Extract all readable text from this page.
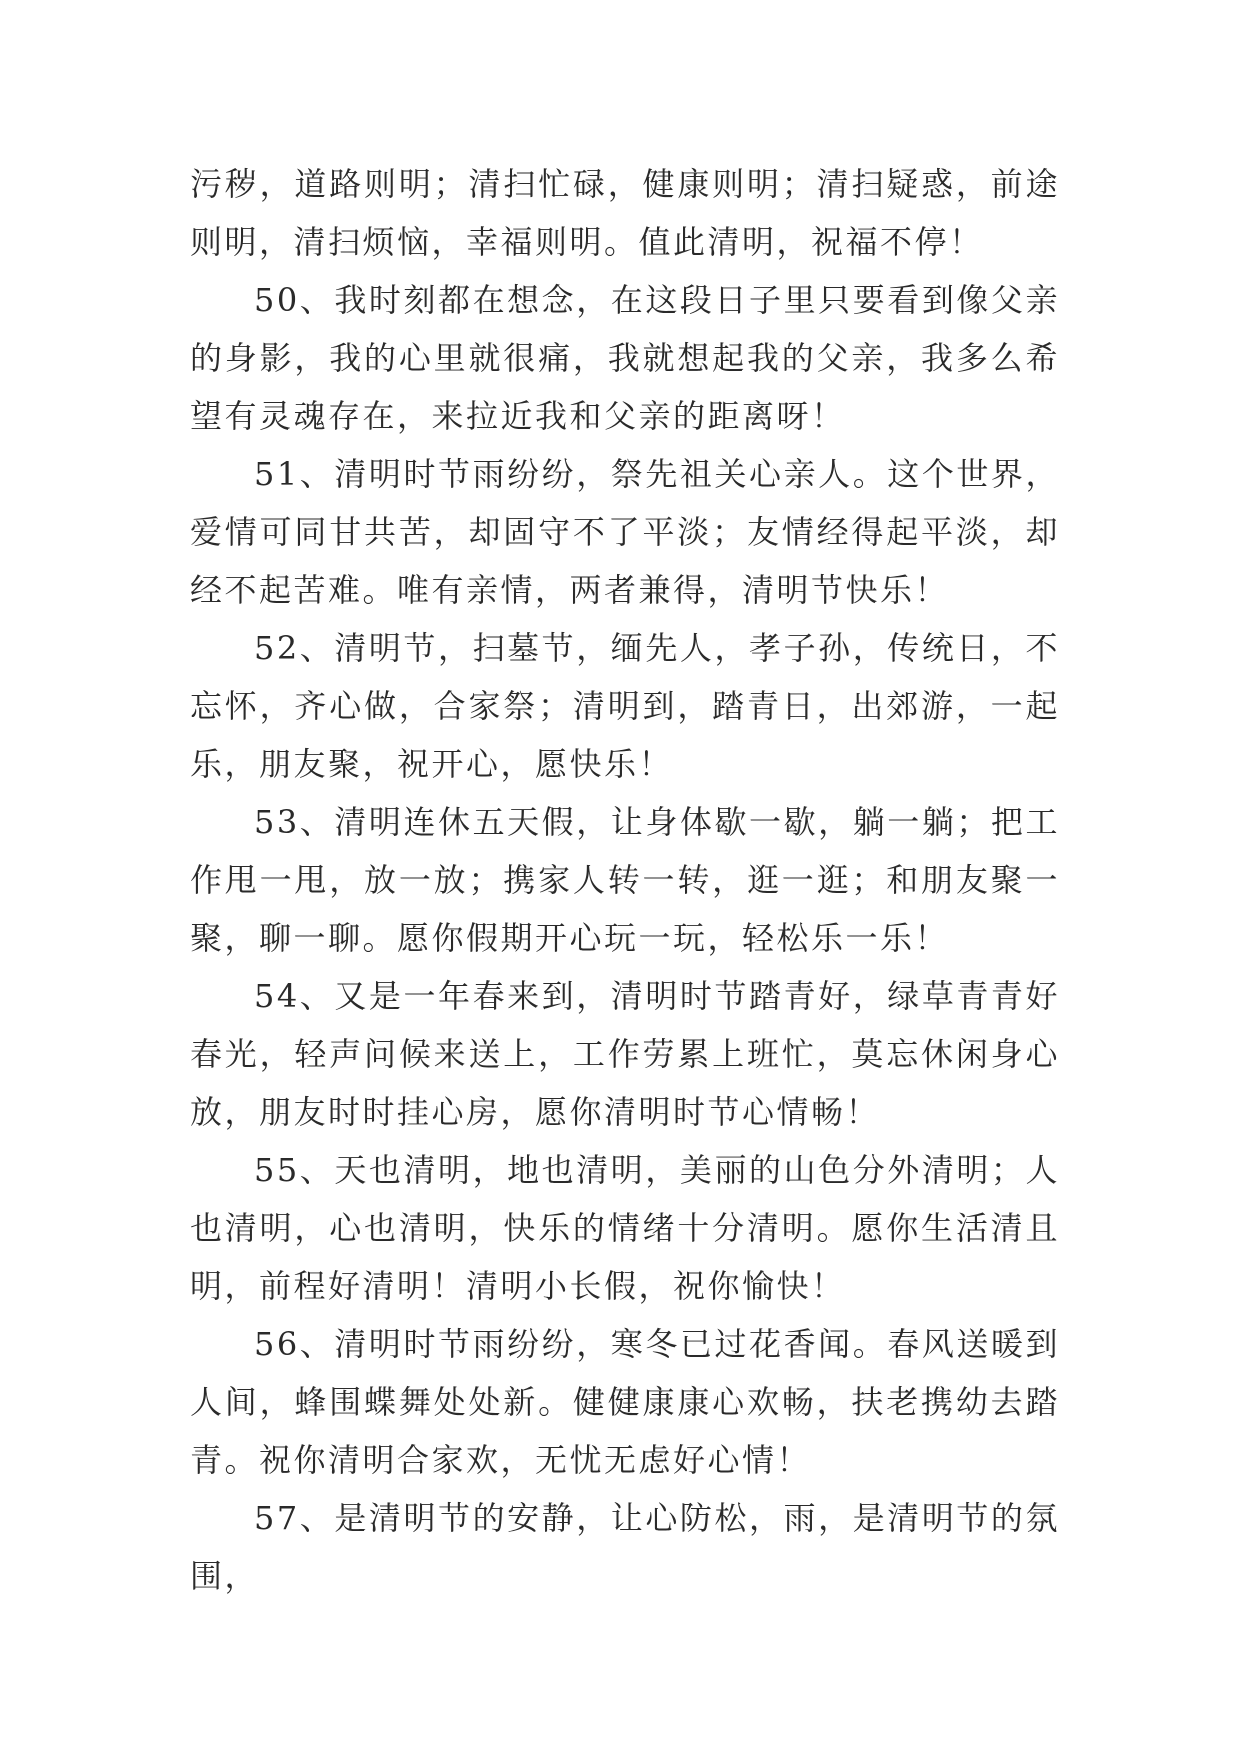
污秽，道路则明；清扫忙碌，健康则明；清扫疑惑，前途则明，清扫烦恼，幸福则明。值此清明，祝福不停！

50、我时刻都在想念，在这段日子里只要看到像父亲的身影，我的心里就很痛，我就想起我的父亲，我多么希望有灵魂存在，来拉近我和父亲的距离呀！

51、清明时节雨纷纷，祭先祖关心亲人。这个世界，爱情可同甘共苦，却固守不了平淡；友情经得起平淡，却经不起苦难。唯有亲情，两者兼得，清明节快乐！

52、清明节，扫墓节，缅先人，孝子孙，传统日，不忘怀，齐心做，合家祭；清明到，踏青日，出郊游，一起乐，朋友聚，祝开心，愿快乐！

53、清明连休五天假，让身体歇一歇，躺一躺；把工作甩一甩，放一放；携家人转一转，逛一逛；和朋友聚一聚，聊一聊。愿你假期开心玩一玩，轻松乐一乐！

54、又是一年春来到，清明时节踏青好，绿草青青好春光，轻声问候来送上，工作劳累上班忙，莫忘休闲身心放，朋友时时挂心房，愿你清明时节心情畅！

55、天也清明，地也清明，美丽的山色分外清明；人也清明，心也清明，快乐的情绪十分清明。愿你生活清且明，前程好清明！清明小长假，祝你愉快！

56、清明时节雨纷纷，寒冬已过花香闻。春风送暖到人间，蜂围蝶舞处处新。健健康康心欢畅，扶老携幼去踏青。祝你清明合家欢，无忧无虑好心情！

57、是清明节的安静，让心防松，雨，是清明节的氛围，
